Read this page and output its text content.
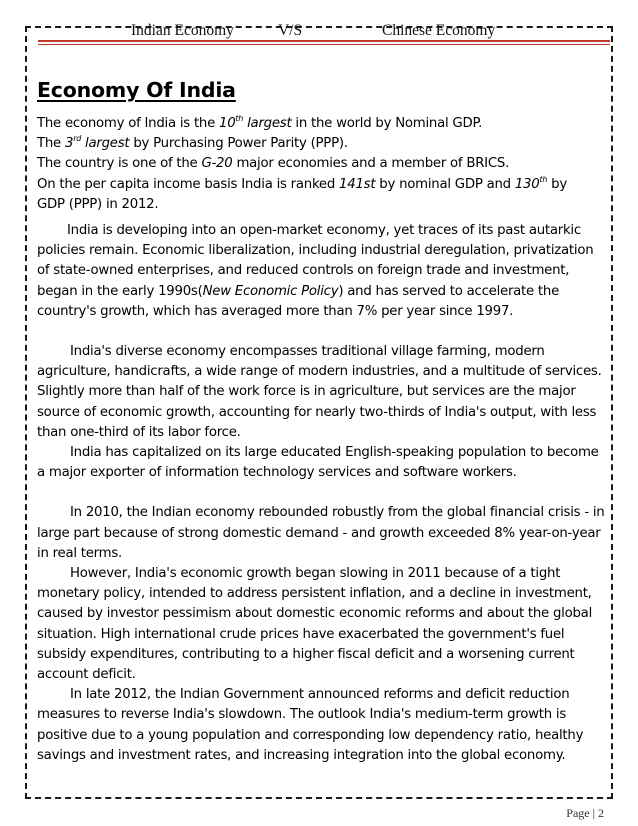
Indian Economy	V/S	Chinese Economy
Economy Of India

The economy of India is the 10th largest in the world by Nominal GDP.

The 3rd largest by Purchasing Power Parity (PPP).

The country is one of the G-20 major economies and a member of BRICS.

On the per capita income basis India is ranked 141st by nominal GDP and 130th by

GDP (PPP) in 2012.

India is developing into an open-market economy, yet traces of its past autarkic policies remain. Economic liberalization, including industrial deregulation, privatization of state-owned enterprises, and reduced controls on foreign trade and investment, began in the early 1990s(New Economic Policy) and has served to accelerate the country's growth, which has averaged more than 7% per year since 1997.

India's diverse economy encompasses traditional village farming, modern agriculture, handicrafts, a wide range of modern industries, and a multitude of services. Slightly more than half of the work force is in agriculture, but services are the major source of economic growth, accounting for nearly two-thirds of India's output, with less than one-third of its labor force.

India has capitalized on its large educated English-speaking population to become a major exporter of information technology services and software workers.

In 2010, the Indian economy rebounded robustly from the global financial crisis - in large part because of strong domestic demand - and growth exceeded 8% year-on-year in real terms.

However, India's economic growth began slowing in 2011 because of a tight monetary policy, intended to address persistent inflation, and a decline in investment, caused by investor pessimism about domestic economic reforms and about the global situation. High international crude prices have exacerbated the government's fuel subsidy expenditures, contributing to a higher fiscal deficit and a worsening current account deficit.

In late 2012, the Indian Government announced reforms and deficit reduction measures to reverse India's slowdown. The outlook India's medium-term growth is positive due to a young population and corresponding low dependency ratio, healthy savings and investment rates, and increasing integration into the global economy.

Page | 2
